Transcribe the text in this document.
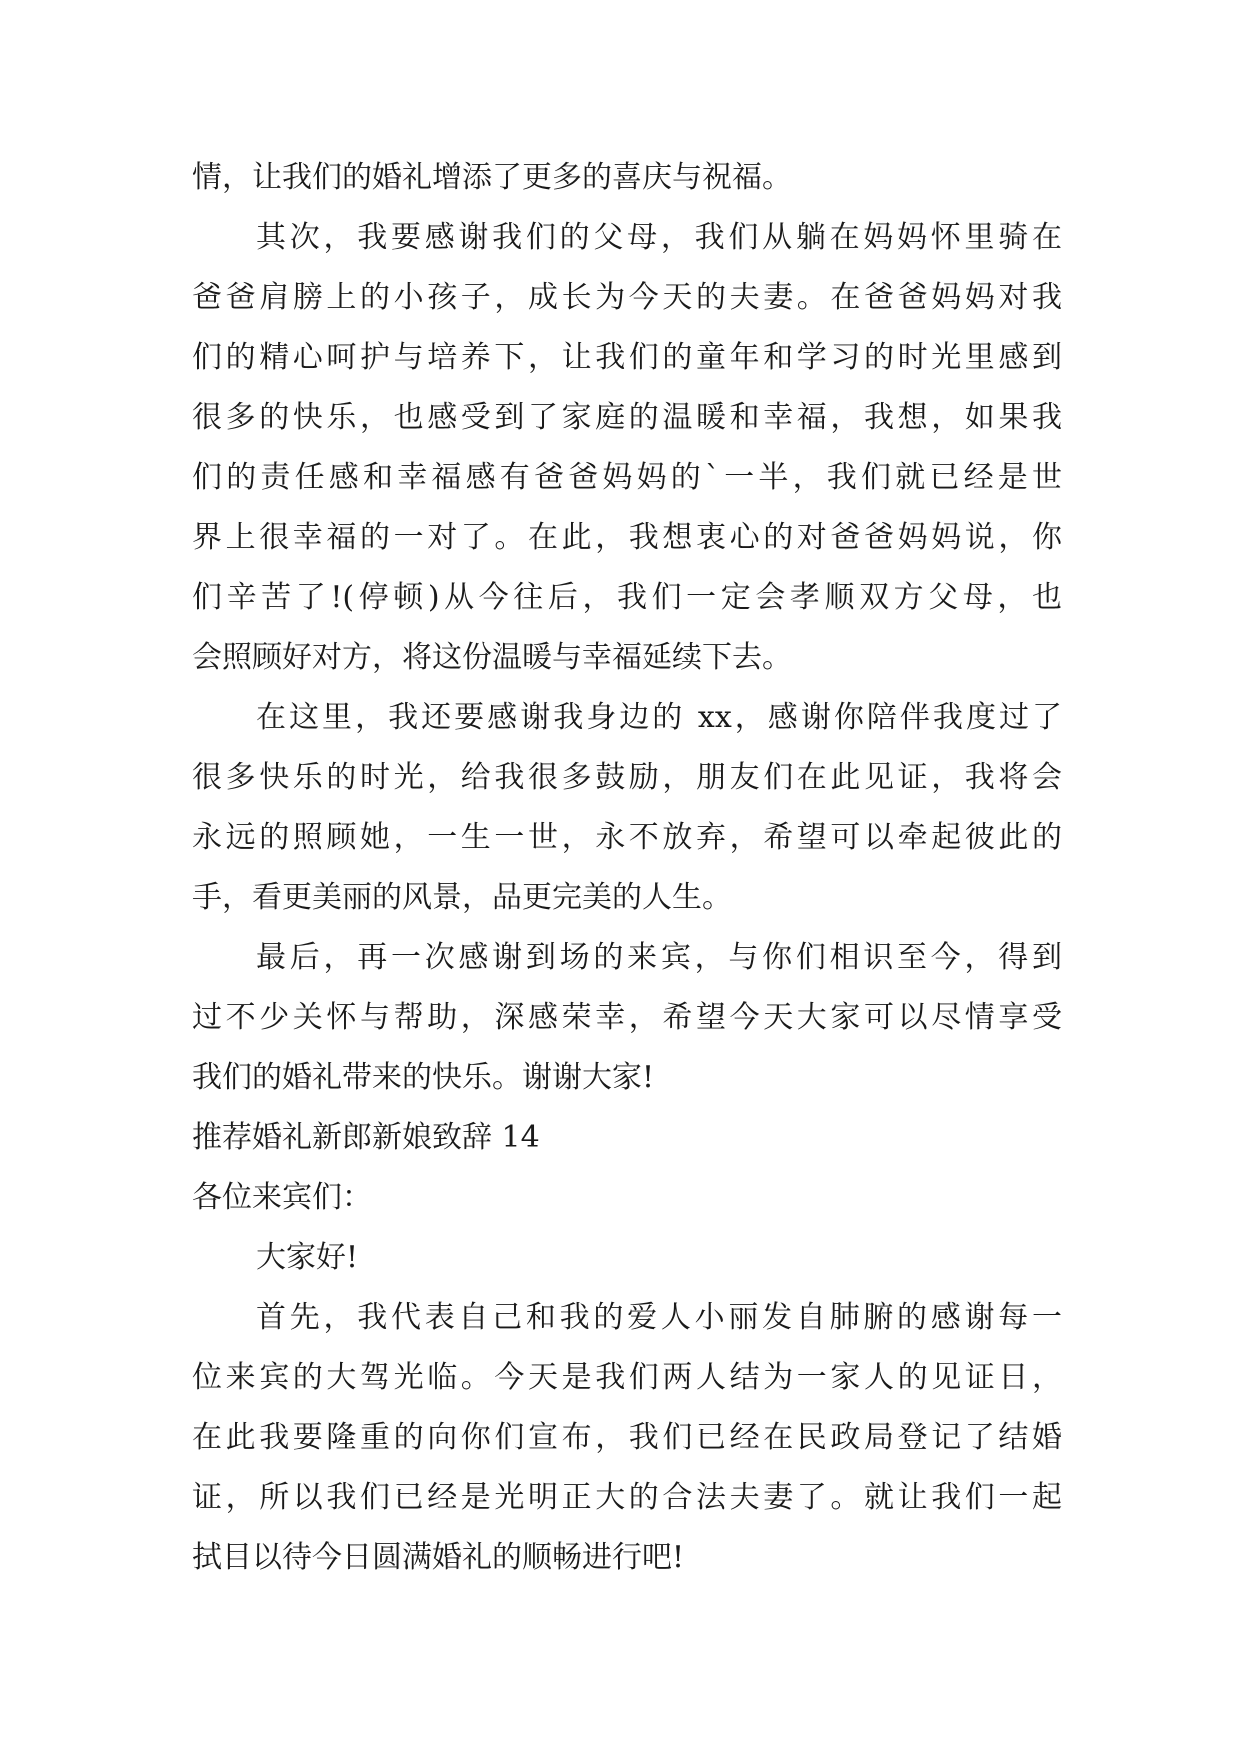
情，让我们的婚礼增添了更多的喜庆与祝福。
其次，我要感谢我们的父母，我们从躺在妈妈怀里骑在
爸爸肩膀上的小孩子，成长为今天的夫妻。在爸爸妈妈对我
们的精心呵护与培养下，让我们的童年和学习的时光里感到
很多的快乐，也感受到了家庭的温暖和幸福，我想，如果我
们的责任感和幸福感有爸爸妈妈的`一半，我们就已经是世
界上很幸福的一对了。在此，我想衷心的对爸爸妈妈说，你
们辛苦了!(停顿)从今往后，我们一定会孝顺双方父母，也
会照顾好对方，将这份温暖与幸福延续下去。
在这里，我还要感谢我身边的 xx，感谢你陪伴我度过了
很多快乐的时光，给我很多鼓励，朋友们在此见证，我将会
永远的照顾她，一生一世，永不放弃，希望可以牵起彼此的
手，看更美丽的风景，品更完美的人生。
最后，再一次感谢到场的来宾，与你们相识至今，得到
过不少关怀与帮助，深感荣幸，希望今天大家可以尽情享受
我们的婚礼带来的快乐。谢谢大家!
推荐婚礼新郎新娘致辞 14
各位来宾们：
大家好!
首先，我代表自己和我的爱人小丽发自肺腑的感谢每一
位来宾的大驾光临。今天是我们两人结为一家人的见证日，
在此我要隆重的向你们宣布，我们已经在民政局登记了结婚
证，所以我们已经是光明正大的合法夫妻了。就让我们一起
拭目以待今日圆满婚礼的顺畅进行吧!
